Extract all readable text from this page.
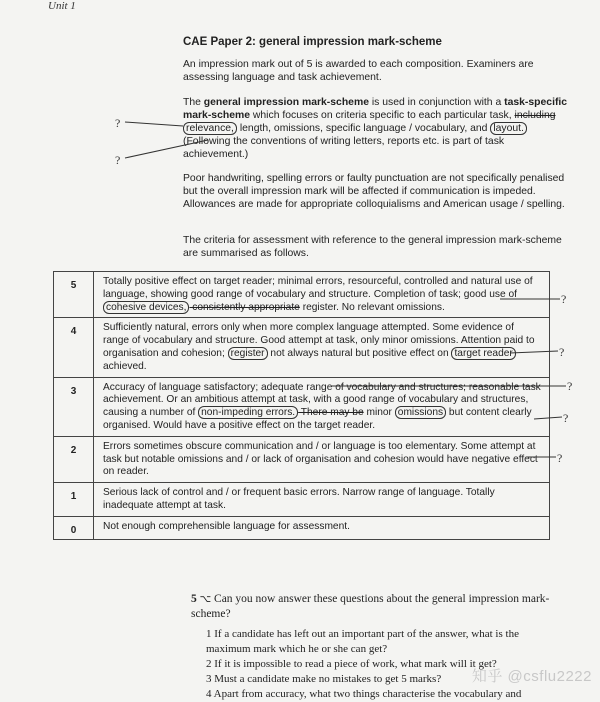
Unit 1
CAE Paper 2: general impression mark-scheme
An impression mark out of 5 is awarded to each composition. Examiners are assessing language and task achievement.
The general impression mark-scheme is used in conjunction with a task-specific mark-scheme which focuses on criteria specific to each particular task, including relevance, length, omissions, specific language / vocabulary, and layout. (Following the conventions of writing letters, reports etc. is part of task achievement.)
Poor handwriting, spelling errors or faulty punctuation are not specifically penalised but the overall impression mark will be affected if communication is impeded. Allowances are made for appropriate colloquialisms and American usage / spelling.
The criteria for assessment with reference to the general impression mark-scheme are summarised as follows.
?
?
?
?
?
?
?
5	Totally positive effect on target reader; minimal errors, resourceful, controlled and natural use of language, showing good range of vocabulary and structure. Completion of task; good use of cohesive devices, consistently appropriate register. No relevant omissions.
4	Sufficiently natural, errors only when more complex language attempted. Some evidence of range of vocabulary and structure. Good attempt at task, only minor omissions. Attention paid to organisation and cohesion; register not always natural but positive effect on target reader achieved.
3	Accuracy of language satisfactory; adequate range of vocabulary and structures; reasonable task achievement. Or an ambitious attempt at task, with a good range of vocabulary and structures, causing a number of non-impeding errors. There may be minor omissions but content clearly organised. Would have a positive effect on the target reader.
2	Errors sometimes obscure communication and / or language is too elementary. Some attempt at task but notable omissions and / or lack of organisation and cohesion would have negative effect on reader.
1	Serious lack of control and / or frequent basic errors. Narrow range of language. Totally inadequate attempt at task.
0	Not enough comprehensible language for assessment.
5 ⌥ Can you now answer these questions about the general impression mark-scheme?
1 If a candidate has left out an important part of the answer, what is the
maximum mark which he or she can get?
2 If it is impossible to read a piece of work, what mark will it get?
3 Must a candidate make no mistakes to get 5 marks?
4 Apart from accuracy, what two things characterise the vocabulary and
知乎 @csflu2222
